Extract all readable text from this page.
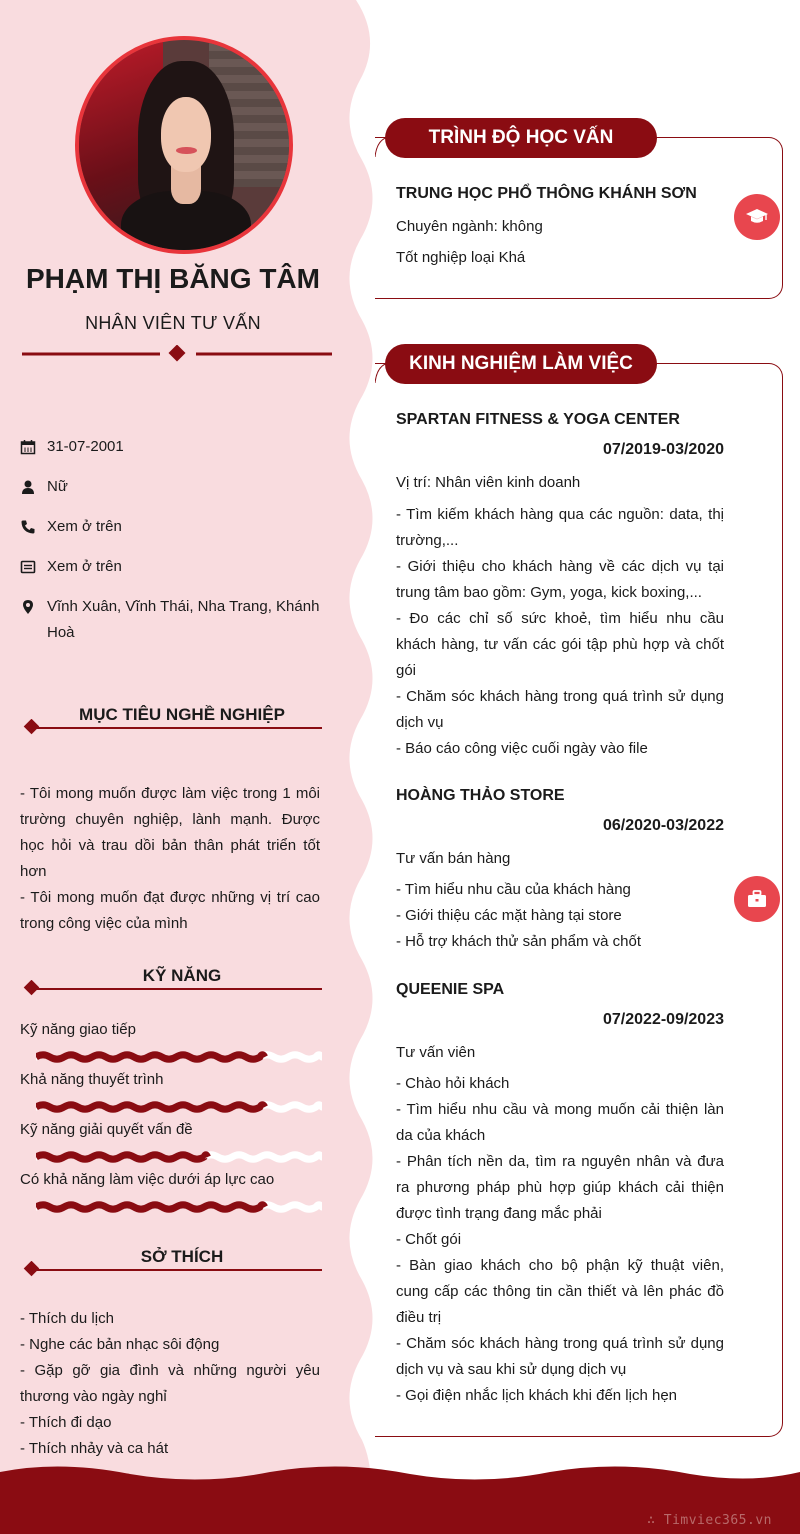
∴ Timviec365.vn
PHẠM THỊ BĂNG TÂM
NHÂN VIÊN TƯ VẤN
31-07-2001
Nữ
Xem ở trên
Xem ở trên
Vĩnh Xuân, Vĩnh Thái, Nha Trang, Khánh Hoà
MỤC TIÊU NGHỀ NGHIỆP

- Tôi mong muốn được làm việc trong 1 môi trường chuyên nghiệp, lành mạnh. Được học hỏi và trau dồi bản thân phát triển tốt hơn

- Tôi mong muốn đạt được những vị trí cao trong công việc của mình

KỸ NĂNG
Kỹ năng giao tiếp
Khả năng thuyết trình
Kỹ năng giải quyết vấn đề
Có khả năng làm việc dưới áp lực cao
SỞ THÍCH

- Thích du lịch

- Nghe các bản nhạc sôi động

- Gặp gỡ gia đình và những người yêu thương vào ngày nghỉ

- Thích đi dạo

- Thích nhảy và ca hát

TRÌNH ĐỘ HỌC VẤN
TRUNG HỌC PHỔ THÔNG KHÁNH SƠN
Chuyên ngành: không
Tốt nghiệp loại Khá
KINH NGHIỆM LÀM VIỆC
SPARTAN FITNESS & YOGA CENTER
07/2019-03/2020
Vị trí: Nhân viên kinh doanh

- Tìm kiếm khách hàng qua các nguồn: data, thị trường,...

- Giới thiệu cho khách hàng về các dịch vụ tại trung tâm bao gồm: Gym, yoga, kick boxing,...

- Đo các chỉ số sức khoẻ, tìm hiểu nhu cầu khách hàng, tư vấn các gói tập phù hợp và chốt gói

- Chăm sóc khách hàng trong quá trình sử dụng dịch vụ

- Báo cáo công việc cuối ngày vào file

HOÀNG THẢO STORE
06/2020-03/2022
Tư vấn bán hàng

- Tìm hiểu nhu cầu của khách hàng

- Giới thiệu các mặt hàng tại store

- Hỗ trợ khách thử sản phẩm và chốt

QUEENIE SPA
07/2022-09/2023
Tư vấn viên

- Chào hỏi khách

- Tìm hiểu nhu cầu và mong muốn cải thiện làn da của khách

- Phân tích nền da, tìm ra nguyên nhân và đưa ra phương pháp phù hợp giúp khách cải thiện được tình trạng đang mắc phải

- Chốt gói

- Bàn giao khách cho bộ phận kỹ thuật viên, cung cấp các thông tin cần thiết và lên phác đồ điều trị

- Chăm sóc khách hàng trong quá trình sử dụng dịch vụ và sau khi sử dụng dịch vụ

- Gọi điện nhắc lịch khách khi đến lịch hẹn
